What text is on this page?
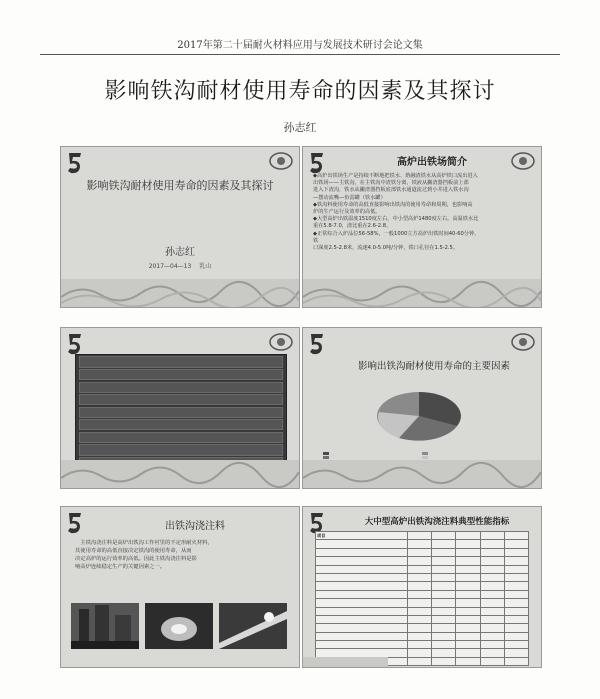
2017年第二十届耐火材料应用与发展技术研讨会论文集
影响铁沟耐材使用寿命的因素及其探讨
孙志红
影响铁沟耐材使用寿命的因素及其探讨
孙志红
2017—04—13　 乳山
高炉出铁场简介

◆高炉出铁场生产是持续不断地把铁水、熔融渣铁水从高炉铁口流出进入

出铁场——主铁沟，在主铁沟中渣铁分离，铁液从撇渣器挡板前上部

进入下渣沟，铁水从撇渣器挡板底部铁水通道流过到小井进入铁水沟

—摆动流嘴—鱼雷罐（铁水罐）

◆铁沟料使用寿命的高低直接影响出铁沟的使用寿命和周期，也影响高

炉的生产运行及效率的高低。

◆大型高炉出铁温度1510度左右，中小型高炉1480度左右。高温铁水比

重在5.8-7.0，渣比重在2.6-2.8。

◆正常综合入炉品位56-58%，一般1000立方高炉出铁时间40-60分钟，

铁

口深度2.5-2.8米，流速4.0-5.0吨/分钟，铁口孔径在1.5-2.5。

影响出铁沟耐材使用寿命的主要因素
出铁沟浇注料
　主铁沟浇注料是高炉出铁沟工作衬里的不定形耐火材料，
其使用寿命的高低直接决定铁沟的使用寿命，从而
决定高炉的运行效率的高低。因此主铁沟浇注料是影
响高炉连续稳定生产的关键因素之一。
大中型高炉出铁沟浇注料典型性能指标
项目					
